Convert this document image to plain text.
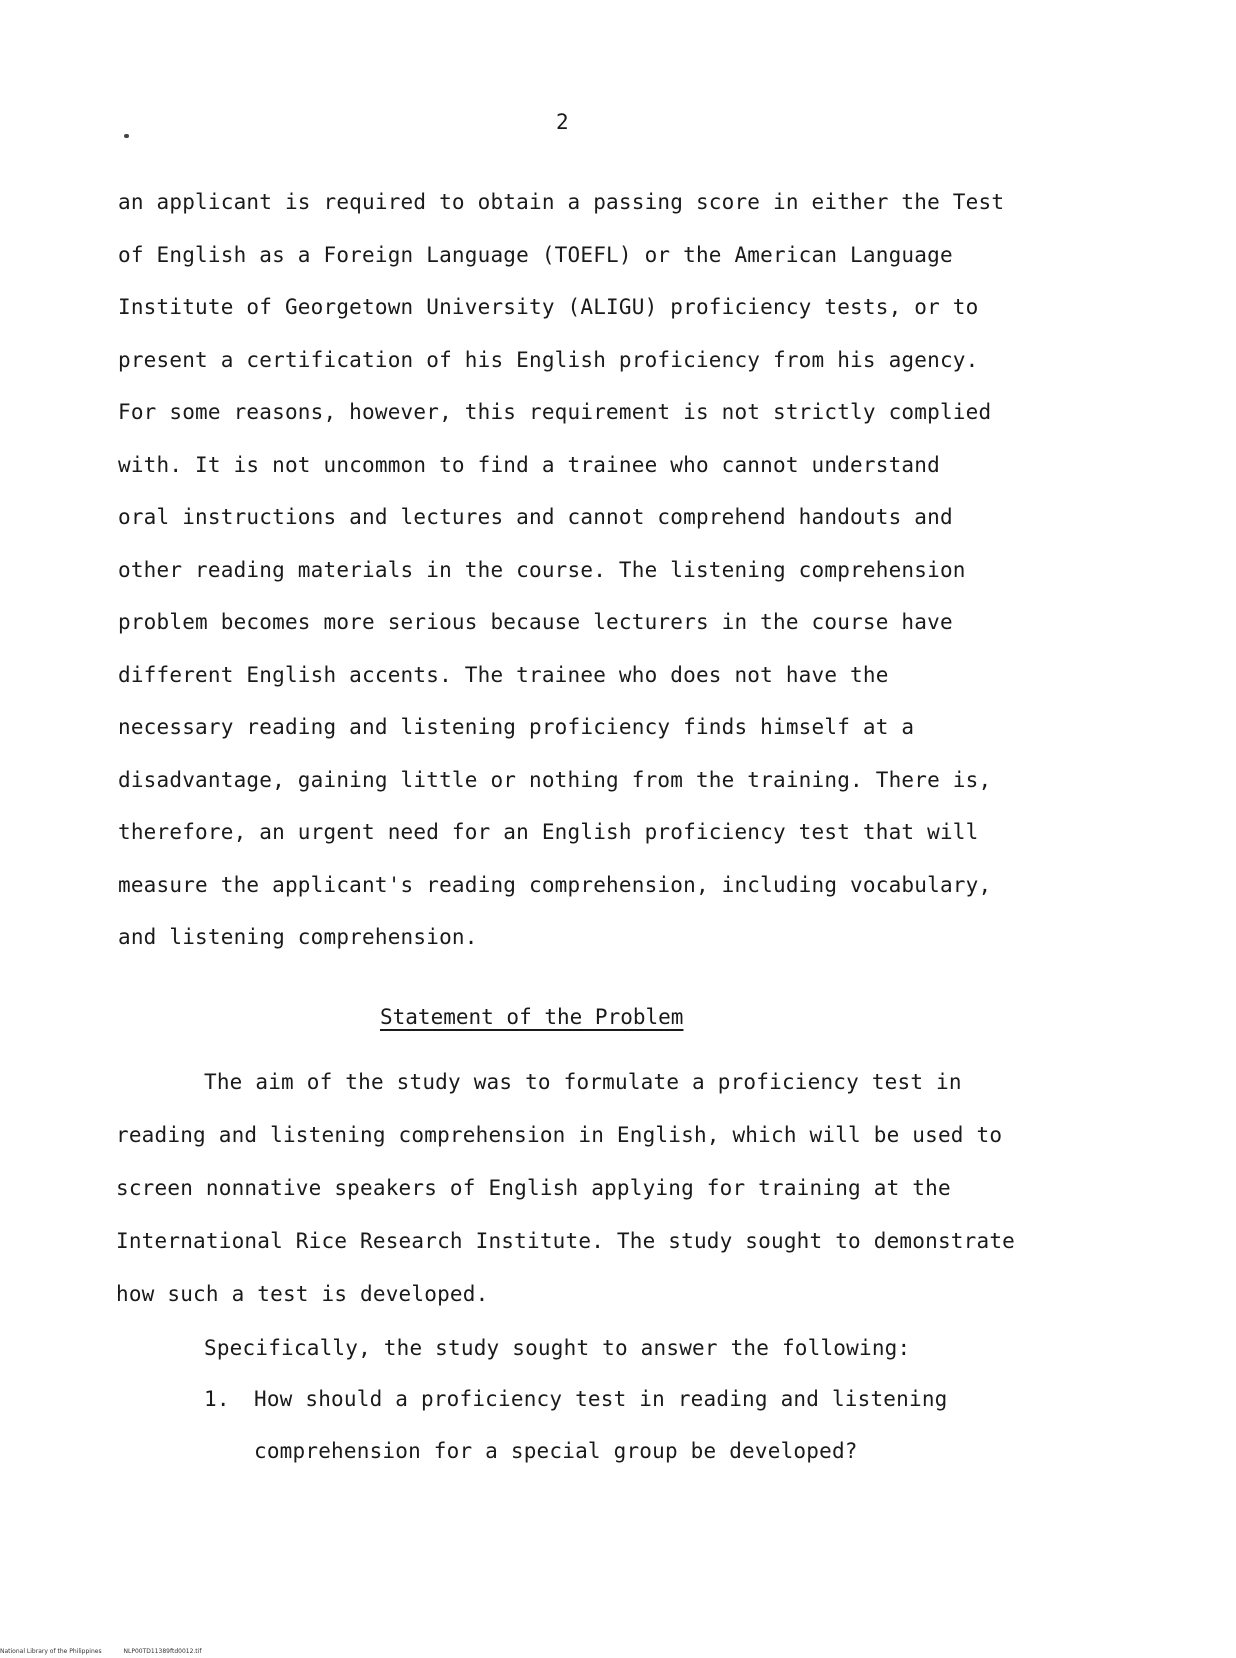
2
an applicant is required to obtain a passing score in either the Test
of English as a Foreign Language (TOEFL) or the American Language
Institute of Georgetown University (ALIGU) proficiency tests, or to
present a certification of his English proficiency from his agency.
For some reasons, however, this requirement is not strictly complied
with. It is not uncommon to find a trainee who cannot understand
oral instructions and lectures and cannot comprehend handouts and
other reading materials in the course. The listening comprehension
problem becomes more serious because lecturers in the course have
different English accents. The trainee who does not have the
necessary reading and listening proficiency finds himself at a
disadvantage, gaining little or nothing from the training. There is,
therefore, an urgent need for an English proficiency test that will
measure the applicant's reading comprehension, including vocabulary,
and listening comprehension.
Statement of the Problem
The aim of the study was to formulate a proficiency test in
reading and listening comprehension in English, which will be used to
screen nonnative speakers of English applying for training at the
International Rice Research Institute. The study sought to demonstrate
how such a test is developed.
Specifically, the study sought to answer the following:
1. How should a proficiency test in reading and listening
comprehension for a special group be developed?
National Library of the Philippines	NLP00TD11389ftd0012.tif
